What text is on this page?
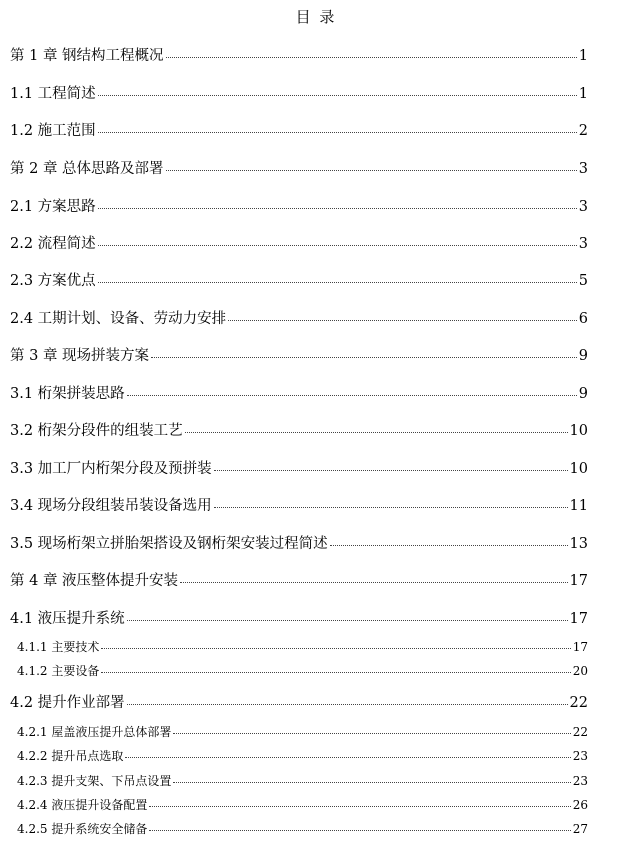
目 录
第 1 章 钢结构工程概况	1
1.1 工程简述	1
1.2 施工范围	2
第 2 章 总体思路及部署	3
2.1 方案思路	3
2.2 流程简述	3
2.3 方案优点	5
2.4 工期计划、设备、劳动力安排	6
第 3 章 现场拼装方案	9
3.1 桁架拼装思路	9
3.2 桁架分段件的组装工艺	10
3.3 加工厂内桁架分段及预拼装	10
3.4 现场分段组装吊装设备选用	11
3.5 现场桁架立拼胎架搭设及钢桁架安装过程简述	13
第 4 章 液压整体提升安装	17
4.1 液压提升系统	17
4.1.1 主要技术	17
4.1.2 主要设备	20
4.2 提升作业部署	22
4.2.1 屋盖液压提升总体部署	22
4.2.2 提升吊点选取	23
4.2.3 提升支架、下吊点设置	23
4.2.4 液压提升设备配置	26
4.2.5 提升系统安全储备	27
